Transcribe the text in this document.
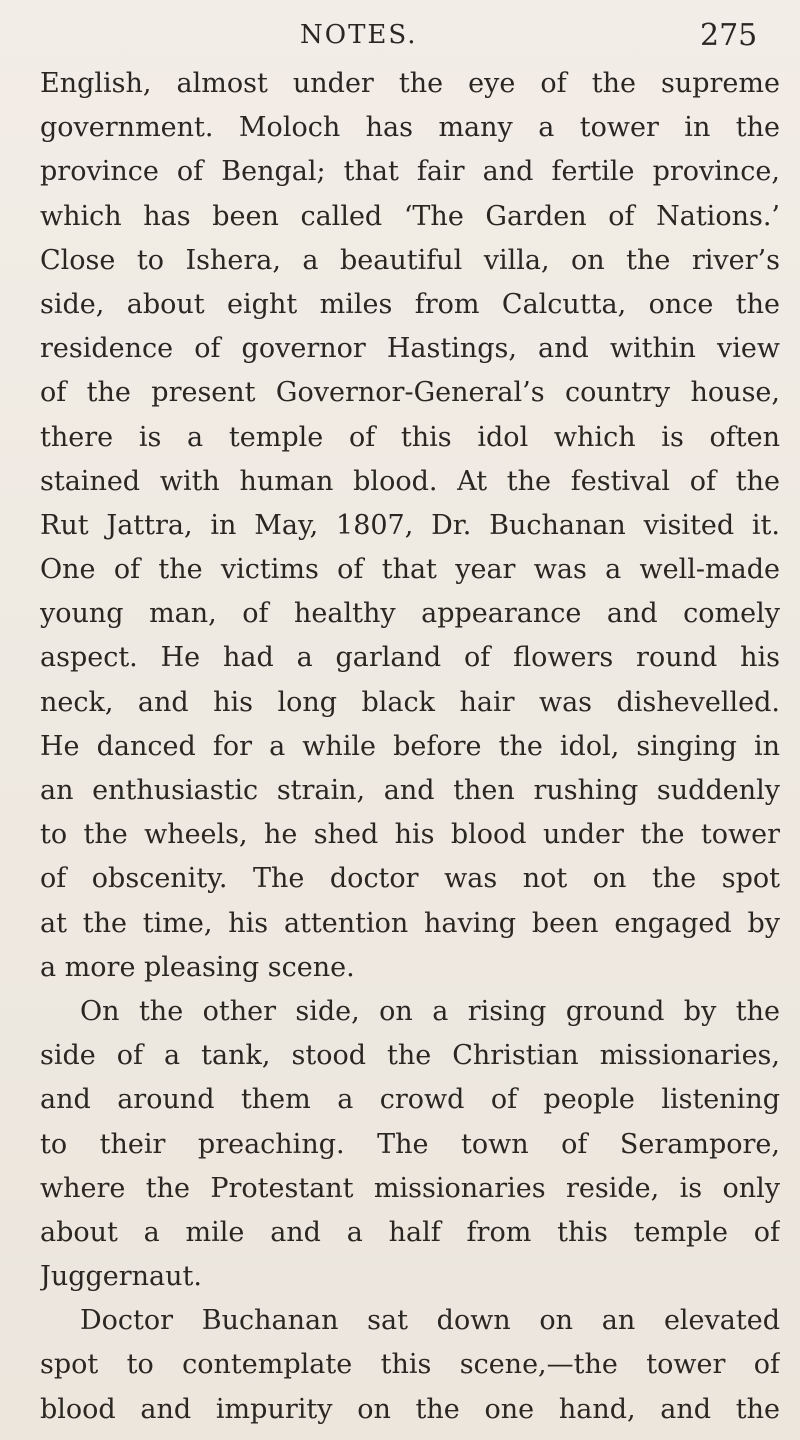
NOTES.	275
English, almost under the eye of the supreme
government. Moloch has many a tower in the
province of Bengal; that fair and fertile province,
which has been called ‘The Garden of Nations.’
Close to Ishera, a beautiful villa, on the river’s
side, about eight miles from Calcutta, once the
residence of governor Hastings, and within view
of the present Governor-General’s country house,
there is a temple of this idol which is often
stained with human blood. At the festival of the
Rut Jattra, in May, 1807, Dr. Buchanan visited it.
One of the victims of that year was a well-made
young man, of healthy appearance and comely
aspect. He had a garland of flowers round his
neck, and his long black hair was dishevelled.
He danced for a while before the idol, singing in
an enthusiastic strain, and then rushing suddenly
to the wheels, he shed his blood under the tower
of obscenity. The doctor was not on the spot
at the time, his attention having been engaged by
a more pleasing scene.
On the other side, on a rising ground by the
side of a tank, stood the Christian missionaries,
and around them a crowd of people listening
to their preaching. The town of Serampore,
where the Protestant missionaries reside, is only
about a mile and a half from this temple of
Juggernaut.
Doctor Buchanan sat down on an elevated
spot to contemplate this scene,—the tower of
blood and impurity on the one hand, and the
